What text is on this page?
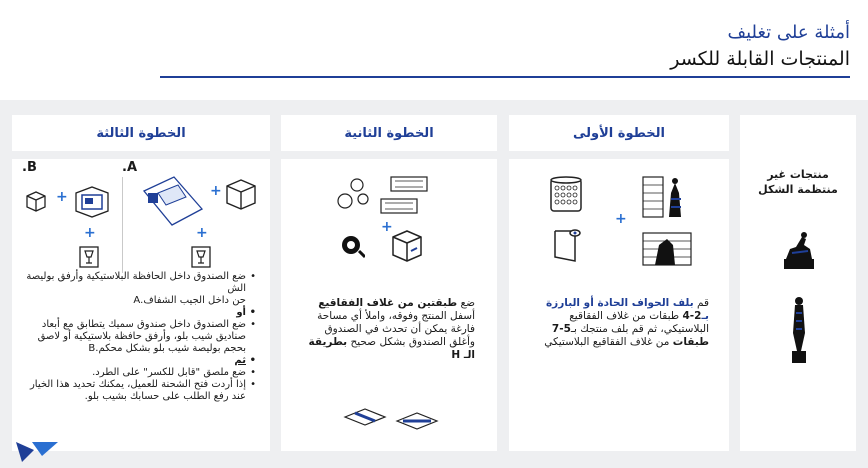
أمثلة على تغليف
المنتجات القابلة للكسر
الخطوة الثالثة	الخطوة الثانية	الخطوة الأولى
منتجات غير منتظمة الشكل
+
قم بلف الحواف الحادة أو البارزة بـ2-4 طبقات من غلاف الفقاقيع البلاستيكي، ثم قم بلف منتجك بـ5-7 طبقات من غلاف الفقاقيع البلاستيكي
+
ضع طبقتين من غلاف الفقاقيع أسفل المنتج وفوقه، واملأ أي مساحة فارغة يمكن أن تحدث في الصندوق وأغلق الصندوق بشكل صحيح بطريقة الـ H
B.	A.
+
+
+
+
• ضع الصندوق داخل الحافظة البلاستيكية وأرفق بوليصة الش
حن داخل الجيب الشفاف.A
• أو
• ضع الصندوق داخل صندوق سميك يتطابق مع أبعاد صناديق شيب بلو، وأرفق حافظة بلاستيكية أو لاصق بحجم بوليصة شيب بلو بشكل محكم.B
• ثم
• ضع ملصق "قابل للكسر" على الطرد.
• إذا أردت فتح الشحنة للعميل، يمكنك تحديد هذا الخيار عند رفع الطلب على حسابك بشيب بلو.
